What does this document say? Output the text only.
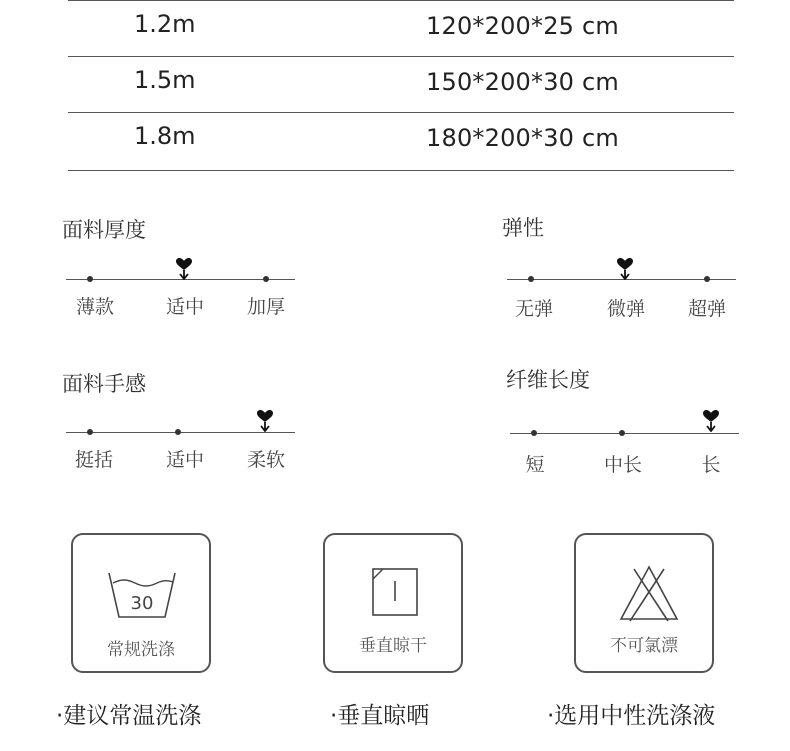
1.2m	120*200*25 cm
1.5m	150*200*30 cm
1.8m	180*200*30 cm
面料厚度
薄款	适中 加厚
弹性
无弹	微弹 超弹
面料手感
挺括	适中 柔软
纤维长度
短	中长	长
30
常规洗涤
·建议常温洗涤
垂直晾干
·垂直晾晒
不可氯漂
·选用中性洗涤液
